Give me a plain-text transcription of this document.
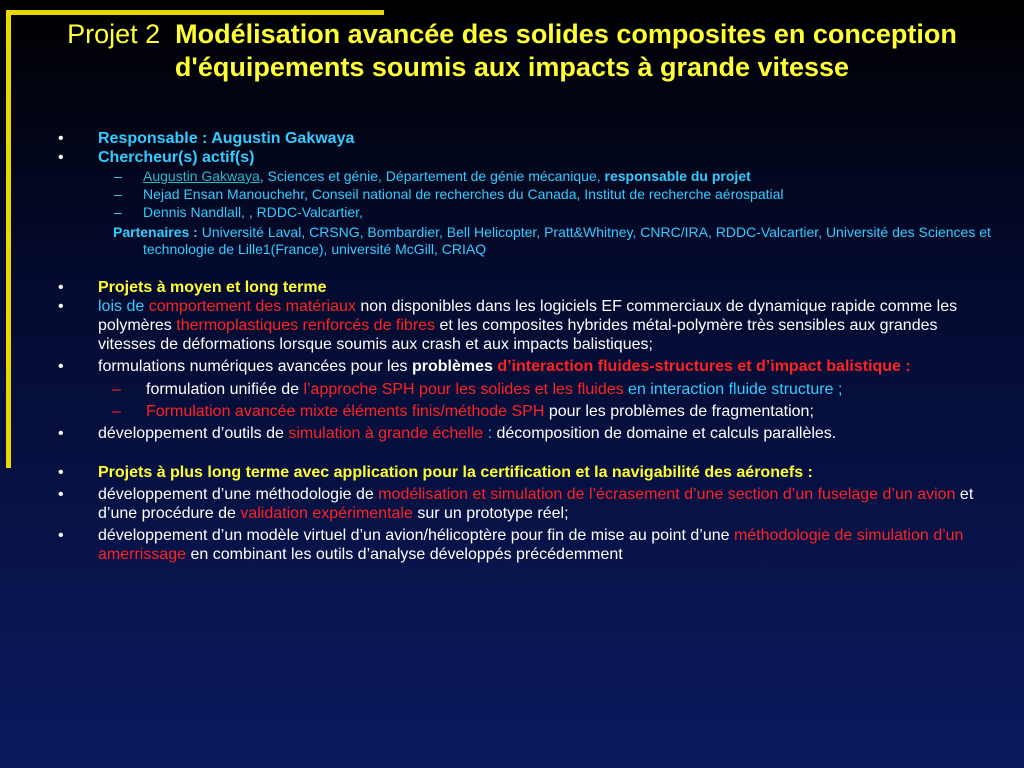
Projet 2 Modélisation avancée des solides composites en conception d'équipements soumis aux impacts à grande vitesse
•	Responsable : Augustin Gakwaya
•	Chercheur(s) actif(s)
– Augustin Gakwaya, Sciences et génie, Département de génie mécanique, responsable du projet
– Nejad Ensan Manouchehr, Conseil national de recherches du Canada, Institut de recherche aérospatial
– Dennis Nandlall, , RDDC-Valcartier,
Partenaires : Université Laval, CRSNG, Bombardier, Bell Helicopter, Pratt&Whitney, CNRC/IRA, RDDC-Valcartier, Université des Sciences et technologie de Lille1(France), université McGill, CRIAQ
•	Projets à moyen et long terme
•	lois de comportement des matériaux non disponibles dans les logiciels EF commerciaux de dynamique rapide comme les polymères thermoplastiques renforcés de fibres et les composites hybrides métal-polymère très sensibles aux grandes vitesses de déformations lorsque soumis aux crash et aux impacts balistiques;
•	formulations numériques avancées pour les problèmes d’interaction fluides-structures et d’impact balistique :
– formulation unifiée de l’approche SPH pour les solides et les fluides en interaction fluide structure ;
– Formulation avancée mixte éléments finis/méthode SPH pour les problèmes de fragmentation;
•	développement d’outils de simulation à grande échelle : décomposition de domaine et calculs parallèles.
•	Projets à plus long terme avec application pour la certification et la navigabilité des aéronefs :
•	développement d’une méthodologie de modélisation et simulation de l’écrasement d’une section d’un fuselage d’un avion et d’une procédure de validation expérimentale sur un prototype réel;
•	développement d’un modèle virtuel d’un avion/hélicoptère pour fin de mise au point d’une méthodologie de simulation d’un amerrissage en combinant les outils d’analyse développés précédemment
